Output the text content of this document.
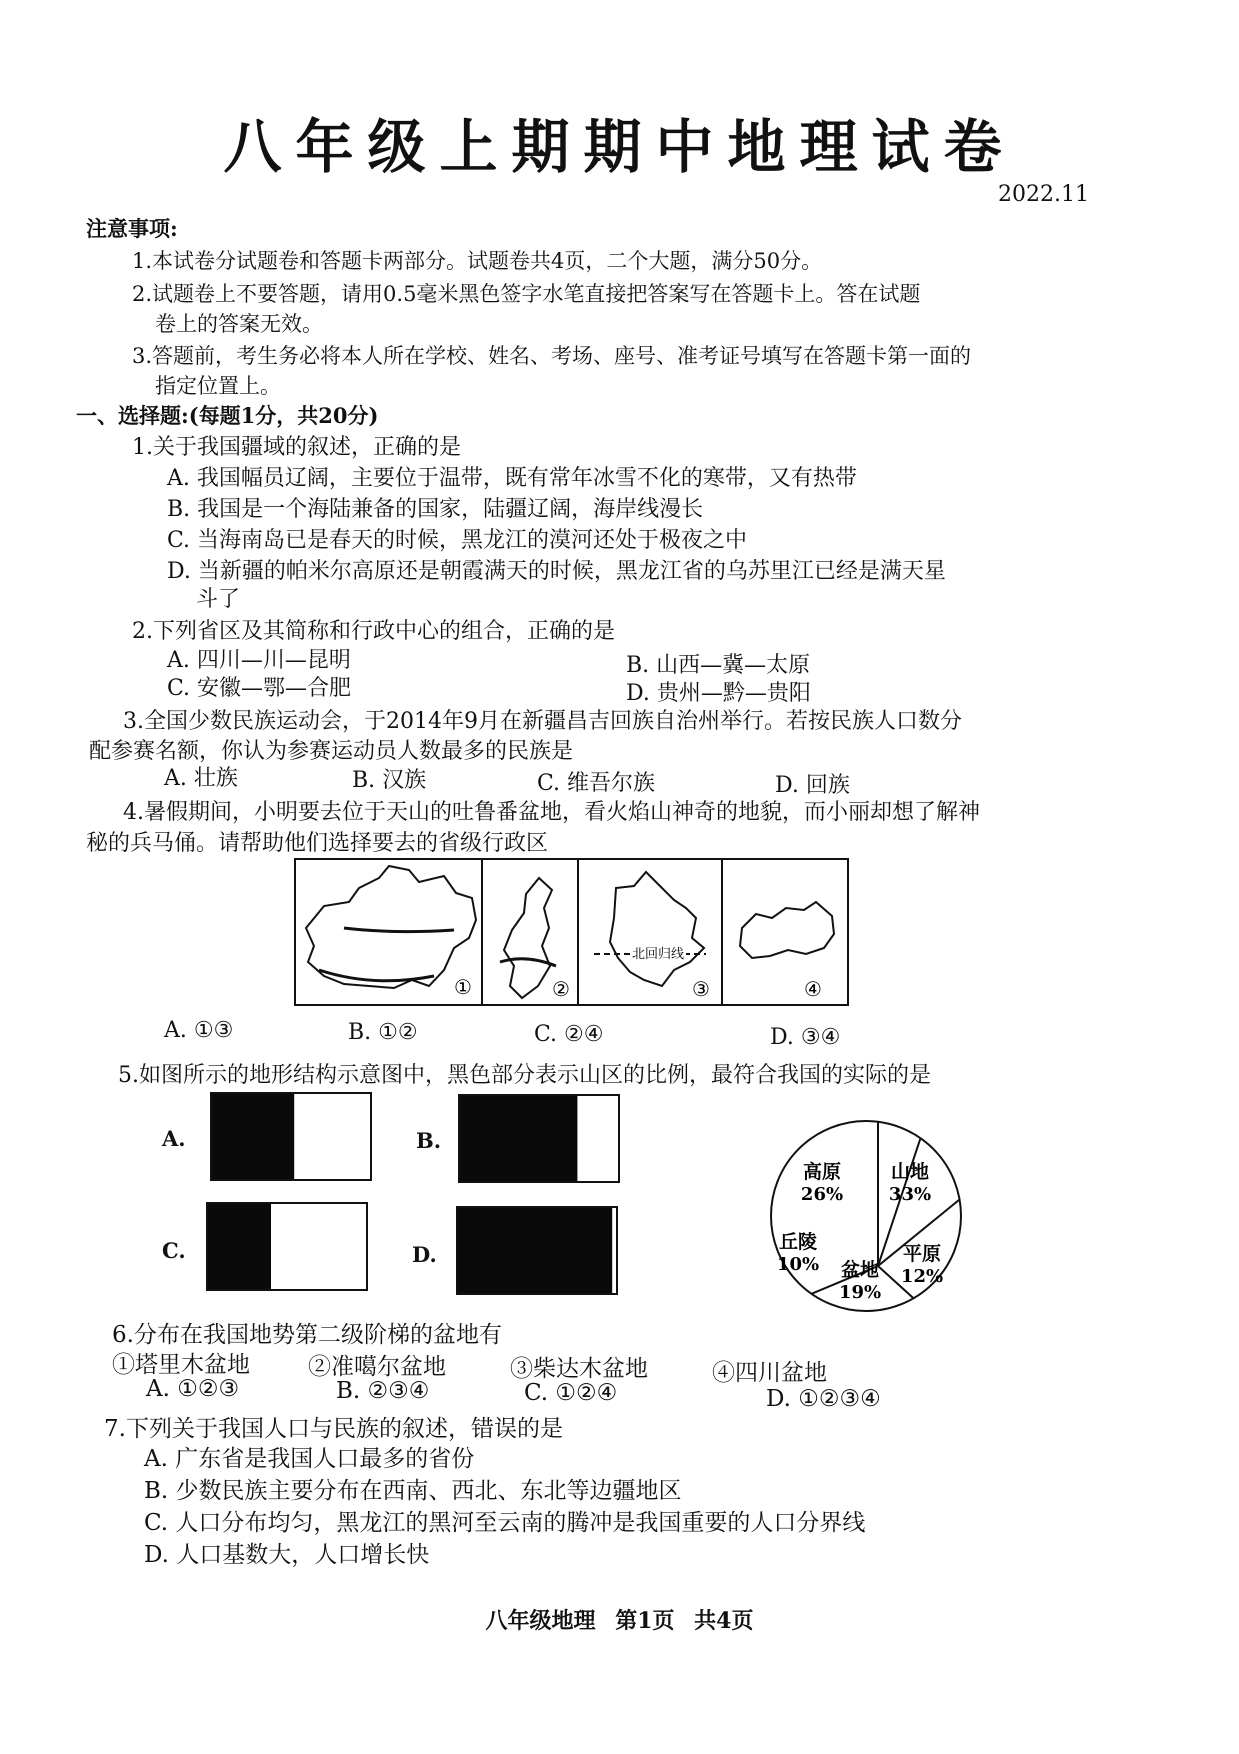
八年级上期期中地理试卷
2022.11
注意事项:
1.本试卷分试题卷和答题卡两部分。试题卷共4页，二个大题，满分50分。
2.试题卷上不要答题，请用0.5毫米黑色签字水笔直接把答案写在答题卡上。答在试题
卷上的答案无效。
3.答题前，考生务必将本人所在学校、姓名、考场、座号、准考证号填写在答题卡第一面的
指定位置上。
一、选择题:(每题1分，共20分)
1.关于我国疆域的叙述，正确的是
A. 我国幅员辽阔，主要位于温带，既有常年冰雪不化的寒带，又有热带
B. 我国是一个海陆兼备的国家，陆疆辽阔，海岸线漫长
C. 当海南岛已是春天的时候，黑龙江的漠河还处于极夜之中
D. 当新疆的帕米尔高原还是朝霞满天的时候，黑龙江省的乌苏里江已经是满天星
斗了
2.下列省区及其简称和行政中心的组合，正确的是
A. 四川—川—昆明	B. 山西—冀—太原
C. 安徽—鄂—合肥	D. 贵州—黔—贵阳
3.全国少数民族运动会，于2014年9月在新疆昌吉回族自治州举行。若按民族人口数分
配参赛名额，你认为参赛运动员人数最多的民族是
A. 壮族	B. 汉族	C. 维吾尔族	D. 回族
4.暑假期间，小明要去位于天山的吐鲁番盆地，看火焰山神奇的地貌，而小丽却想了解神
秘的兵马俑。请帮助他们选择要去的省级行政区
①	②
北回归线
③	④
A. ①③	B. ①②	C. ②④	D. ③④
5.如图所示的地形结构示意图中，黑色部分表示山区的比例，最符合我国的实际的是
A.	B.
C.	D.
山地
33%
平原
12%
盆地
19%
丘陵
10%
高原
26%
6.分布在我国地势第二级阶梯的盆地有
①塔里木盆地	②准噶尔盆地	③柴达木盆地	④四川盆地
A. ①②③	B. ②③④	C. ①②④	D. ①②③④
7.下列关于我国人口与民族的叙述，错误的是
A. 广东省是我国人口最多的省份
B. 少数民族主要分布在西南、西北、东北等边疆地区
C. 人口分布均匀，黑龙江的黑河至云南的腾冲是我国重要的人口分界线
D. 人口基数大，人口增长快
八年级地理 第1页 共4页
